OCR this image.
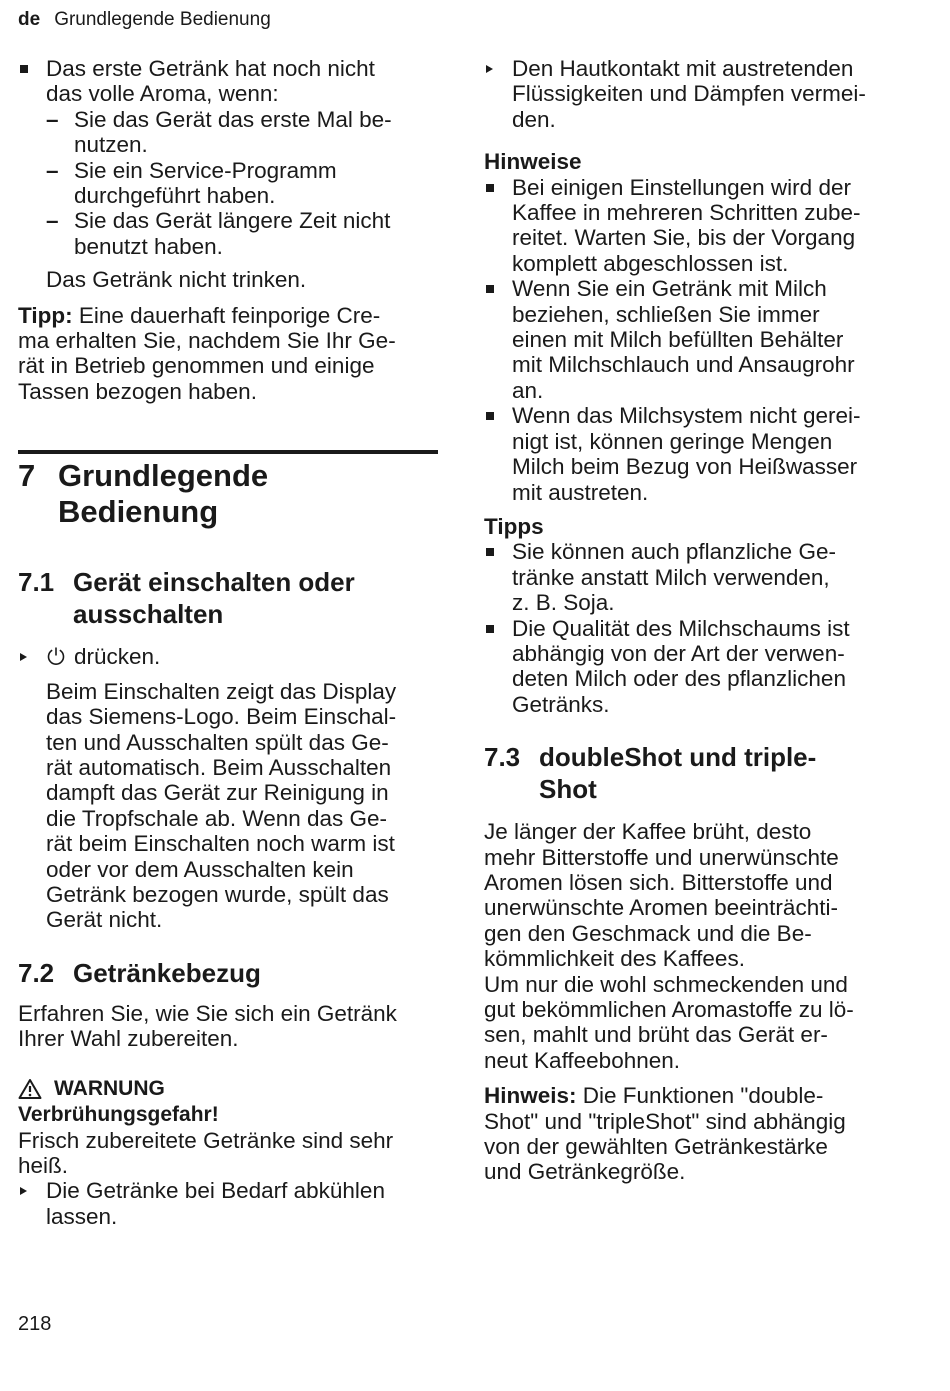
de Grundlegende Bedienung
Das erste Getränk hat noch nicht
das volle Aroma, wenn:
– Sie das Gerät das erste Mal be-
nutzen.
– Sie ein Service-Programm
durchgeführt haben.
– Sie das Gerät längere Zeit nicht
benutzt haben.

Das Getränk nicht trinken.

Tipp: Eine dauerhaft feinporige Cre-
ma erhalten Sie, nachdem Sie Ihr Ge-
rät in Betrieb genommen und einige
Tassen bezogen haben.
7 Grundlegende
Bedienung
7.1 Gerät einschalten oder
ausschalten
drücken.
Beim Einschalten zeigt das Display
das Siemens-Logo. Beim Einschal-
ten und Ausschalten spült das Ge-
rät automatisch. Beim Ausschalten
dampft das Gerät zur Reinigung in
die Tropfschale ab. Wenn das Ge-
rät beim Einschalten noch warm ist
oder vor dem Ausschalten kein
Getränk bezogen wurde, spült das
Gerät nicht.
7.2 Getränkebezug
Erfahren Sie, wie Sie sich ein Getränk
Ihrer Wahl zubereiten.
WARNUNG
Verbrühungsgefahr!
Frisch zubereitete Getränke sind sehr
heiß.
Die Getränke bei Bedarf abkühlen
lassen.
Den Hautkontakt mit austretenden
Flüssigkeiten und Dämpfen vermei-
den.
Hinweise
Bei einigen Einstellungen wird der
Kaffee in mehreren Schritten zube-
reitet. Warten Sie, bis der Vorgang
komplett abgeschlossen ist.
Wenn Sie ein Getränk mit Milch
beziehen, schließen Sie immer
einen mit Milch befüllten Behälter
mit Milchschlauch und Ansaugrohr
an.
Wenn das Milchsystem nicht gerei-
nigt ist, können geringe Mengen
Milch beim Bezug von Heißwasser
mit austreten.
Tipps
Sie können auch pflanzliche Ge-
tränke anstatt Milch verwenden,
z. B. Soja.
Die Qualität des Milchschaums ist
abhängig von der Art der verwen-
deten Milch oder des pflanzlichen
Getränks.
7.3 doubleShot und triple-
Shot
Je länger der Kaffee brüht, desto
mehr Bitterstoffe und unerwünschte
Aromen lösen sich. Bitterstoffe und
unerwünschte Aromen beeinträchti-
gen den Geschmack und die Be-
kömmlichkeit des Kaffees.
Um nur die wohl schmeckenden und
gut bekömmlichen Aromastoffe zu lö-
sen, mahlt und brüht das Gerät er-
neut Kaffeebohnen.
Hinweis: Die Funktionen "double-
Shot" und "tripleShot" sind abhängig
von der gewählten Getränkestärke
und Getränkegröße.
218
